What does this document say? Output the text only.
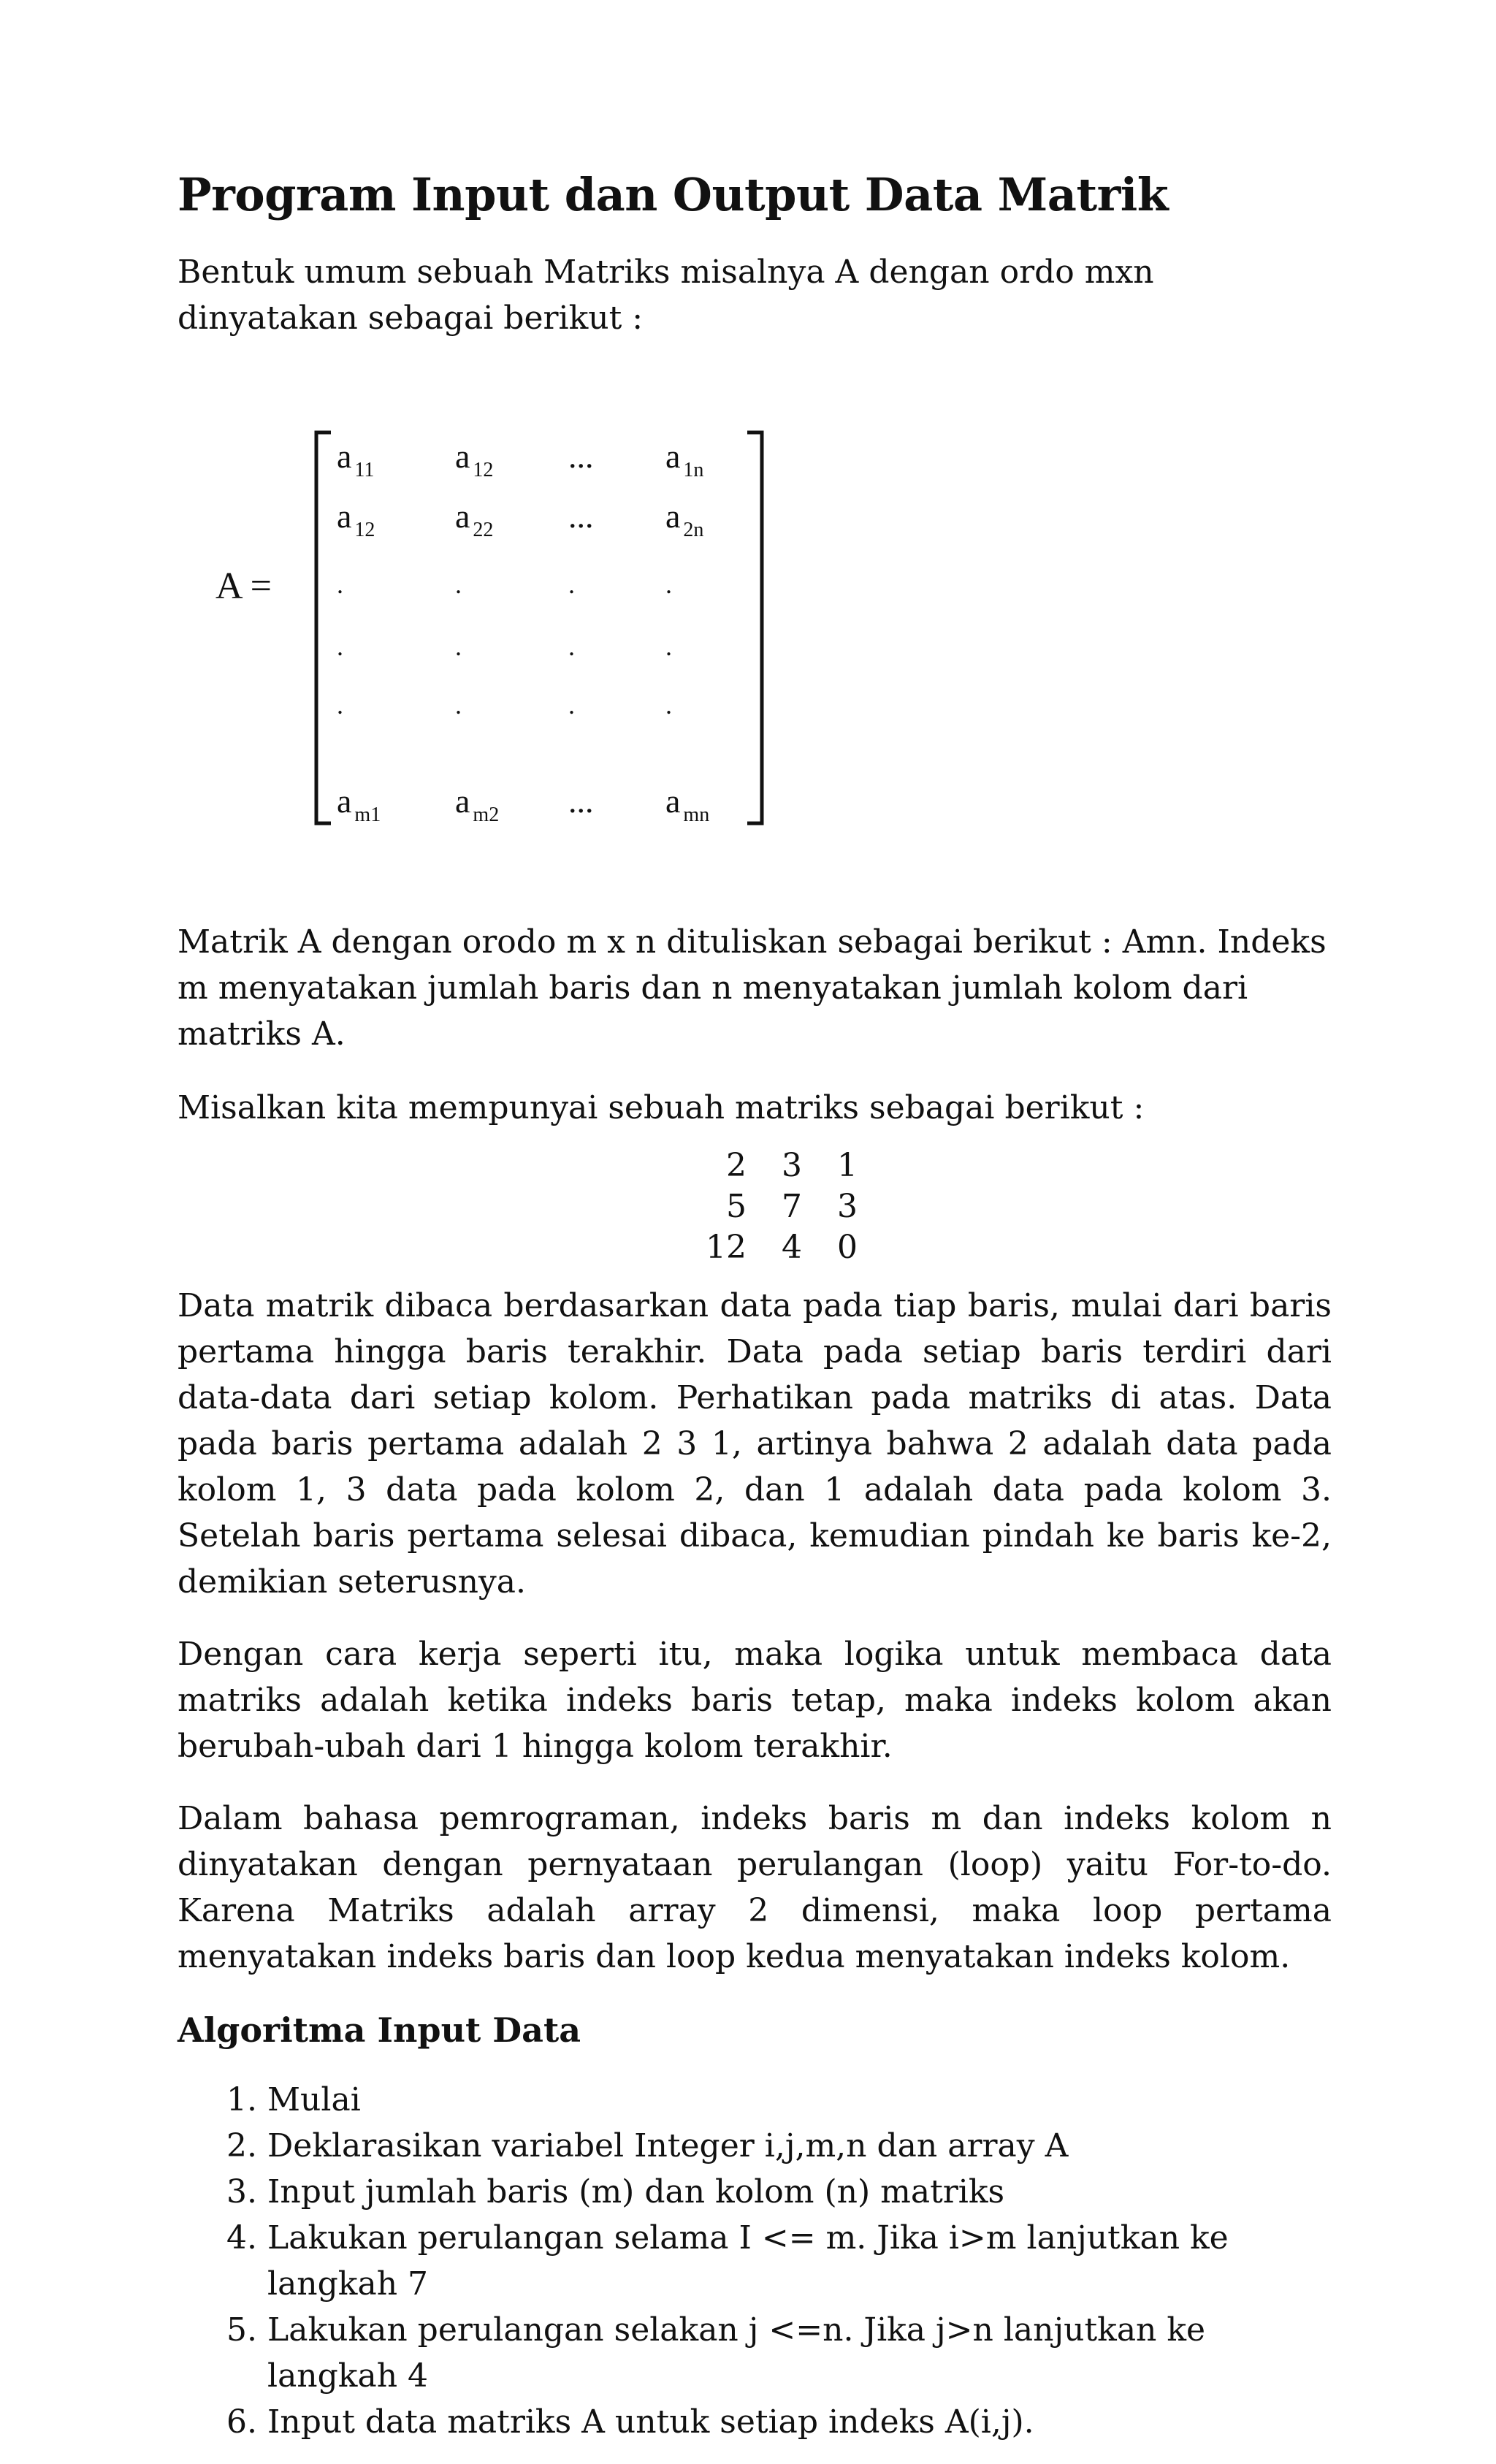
Program Input dan Output Data Matrik

Bentuk umum sebuah Matriks misalnya A dengan ordo mxn dinyatakan sebagai berikut :

A =
a $_{11}$ a $_{12}$ ... a $_{1n}$
a $_{12}$ a $_{22}$ ... a $_{2n}$
.	.	.	.
.	.	.	.
.	.	.	.
a $_{m1}$ a $_{m2}$ ... a $_{mn}$

Matrik A dengan orodo m x n dituliskan sebagai berikut : Amn. Indeks m menyatakan jumlah baris dan n menyatakan jumlah kolom dari matriks A.

Misalkan kita mempunyai sebuah matriks sebagai berikut :

2	3	1
5	7	3
12	4	0

Data matrik dibaca berdasarkan data pada tiap baris, mulai dari baris pertama hingga baris terakhir. Data pada setiap baris terdiri dari data-data dari setiap kolom. Perhatikan pada matriks di atas. Data pada baris pertama adalah 2 3 1, artinya bahwa 2 adalah data pada kolom 1, 3 data pada kolom 2, dan 1 adalah data pada kolom 3. Setelah baris pertama selesai dibaca, kemudian pindah ke baris ke-2, demikian seterusnya.

Dengan cara kerja seperti itu, maka logika untuk membaca data matriks adalah ketika indeks baris tetap, maka indeks kolom akan berubah-ubah dari 1 hingga kolom terakhir.

Dalam bahasa pemrograman, indeks baris m dan indeks kolom n dinyatakan dengan pernyataan perulangan (loop) yaitu For-to-do. Karena Matriks adalah array 2 dimensi, maka loop pertama menyatakan indeks baris dan loop kedua menyatakan indeks kolom.

Algoritma Input Data
1. Mulai
2. Deklarasikan variabel Integer i,j,m,n dan array A
3. Input jumlah baris (m) dan kolom (n) matriks
4. Lakukan perulangan selama I <= m. Jika i>m lanjutkan ke langkah 7
5. Lakukan perulangan selakan j <=n. Jika j>n lanjutkan ke langkah 4
6. Input data matriks A untuk setiap indeks A(i,j).
